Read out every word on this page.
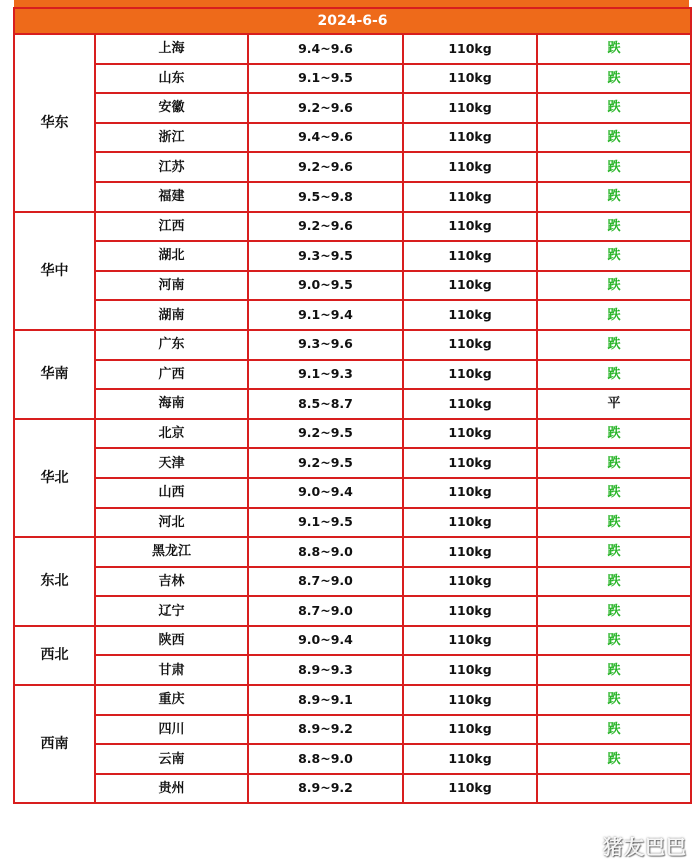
2024-6-6				
华东	上海	9.4~9.6	110kg	跌
	山东	9.1~9.5	110kg	跌
	安徽	9.2~9.6	110kg	跌
	浙江	9.4~9.6	110kg	跌
	江苏	9.2~9.6	110kg	跌
	福建	9.5~9.8	110kg	跌
华中	江西	9.2~9.6	110kg	跌
	湖北	9.3~9.5	110kg	跌
	河南	9.0~9.5	110kg	跌
	湖南	9.1~9.4	110kg	跌
华南	广东	9.3~9.6	110kg	跌
	广西	9.1~9.3	110kg	跌
	海南	8.5~8.7	110kg	平
华北	北京	9.2~9.5	110kg	跌
	天津	9.2~9.5	110kg	跌
	山西	9.0~9.4	110kg	跌
	河北	9.1~9.5	110kg	跌
东北	黑龙江	8.8~9.0	110kg	跌
	吉林	8.7~9.0	110kg	跌
	辽宁	8.7~9.0	110kg	跌
西北	陕西	9.0~9.4	110kg	跌
	甘肃	8.9~9.3	110kg	跌
西南	重庆	8.9~9.1	110kg	跌
	四川	8.9~9.2	110kg	跌
	云南	8.8~9.0	110kg	跌
	贵州	8.9~9.2	110kg	
猪友巴巴
